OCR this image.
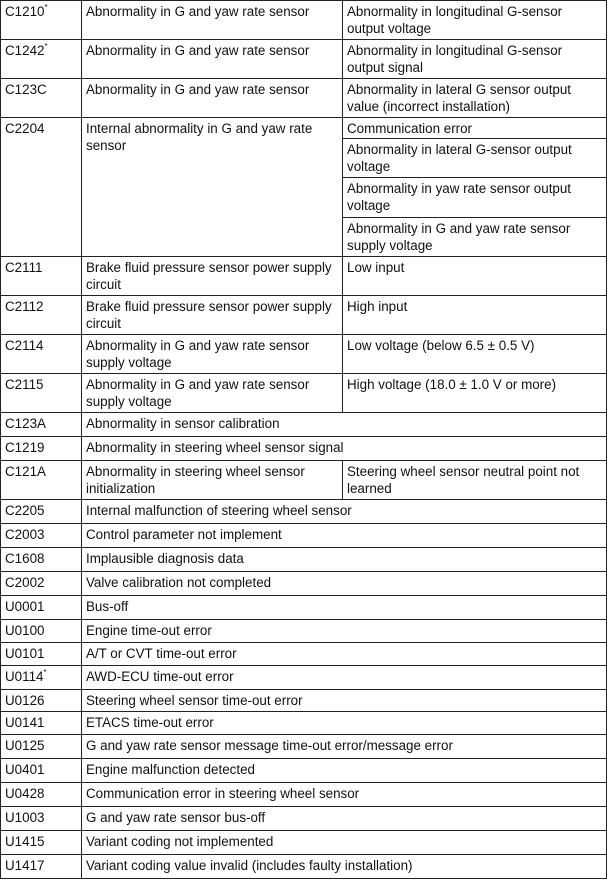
C1210*	Abnormality in G and yaw rate sensor	Abnormality in longitudinal G-sensor output voltage
C1242*	Abnormality in G and yaw rate sensor	Abnormality in longitudinal G-sensor output signal
C123C	Abnormality in G and yaw rate sensor	Abnormality in lateral G sensor output value (incorrect installation)
C2204	Internal abnormality in G and yaw rate sensor	Communication error
		Abnormality in lateral G-sensor output voltage
		Abnormality in yaw rate sensor output voltage
		Abnormality in G and yaw rate sensor supply voltage
C2111	Brake fluid pressure sensor power supply circuit	Low input
C2112	Brake fluid pressure sensor power supply circuit	High input
C2114	Abnormality in G and yaw rate sensor supply voltage	Low voltage (below 6.5 ± 0.5 V)
C2115	Abnormality in G and yaw rate sensor supply voltage	High voltage (18.0 ± 1.0 V or more)
C123A	Abnormality in sensor calibration	
C1219	Abnormality in steering wheel sensor signal	
C121A	Abnormality in steering wheel sensor initialization	Steering wheel sensor neutral point not learned
C2205	Internal malfunction of steering wheel sensor	
C2003	Control parameter not implement	
C1608	Implausible diagnosis data	
C2002	Valve calibration not completed	
U0001	Bus-off	
U0100	Engine time-out error	
U0101	A/T or CVT time-out error	
U0114*	AWD-ECU time-out error	
U0126	Steering wheel sensor time-out error	
U0141	ETACS time-out error	
U0125	G and yaw rate sensor message time-out error/message error	
U0401	Engine malfunction detected	
U0428	Communication error in steering wheel sensor	
U1003	G and yaw rate sensor bus-off	
U1415	Variant coding not implemented	
U1417	Variant coding value invalid (includes faulty installation)	
